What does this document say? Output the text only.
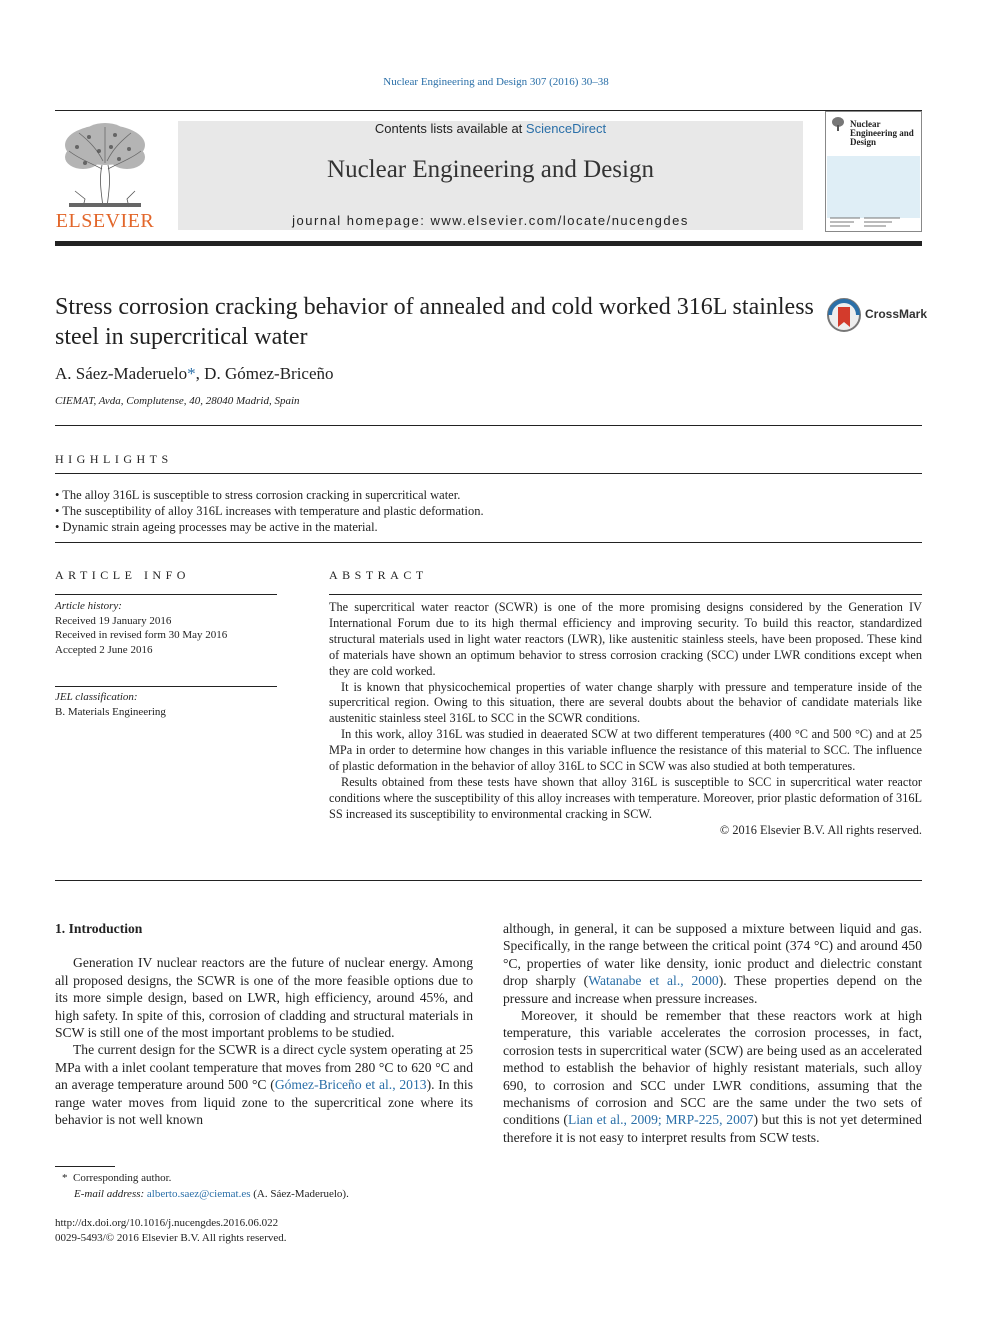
Nuclear Engineering and Design 307 (2016) 30–38
ELSEVIER
Contents lists available at ScienceDirect
Nuclear Engineering and Design
journal homepage: www.elsevier.com/locate/nucengdes
Nuclear Engineering and Design
Stress corrosion cracking behavior of annealed and cold worked 316L stainless steel in supercritical water
CrossMark
A. Sáez-Maderuelo*, D. Gómez-Briceño
CIEMAT, Avda, Complutense, 40, 28040 Madrid, Spain
HIGHLIGHTS
• The alloy 316L is susceptible to stress corrosion cracking in supercritical water.
• The susceptibility of alloy 316L increases with temperature and plastic deformation.
• Dynamic strain ageing processes may be active in the material.
ARTICLE INFO
Article history:
Received 19 January 2016
Received in revised form 30 May 2016
Accepted 2 June 2016
JEL classification:
B. Materials Engineering
ABSTRACT

The supercritical water reactor (SCWR) is one of the more promising designs considered by the Generation IV International Forum due to its high thermal efficiency and improving security. To build this reactor, standardized structural materials used in light water reactors (LWR), like austenitic stainless steels, have been proposed. These kind of materials have shown an optimum behavior to stress corrosion cracking (SCC) under LWR conditions except when they are cold worked.

It is known that physicochemical properties of water change sharply with pressure and temperature inside of the supercritical region. Owing to this situation, there are several doubts about the behavior of candidate materials like austenitic stainless steel 316L to SCC in the SCWR conditions.

In this work, alloy 316L was studied in deaerated SCW at two different temperatures (400 °C and 500 °C) and at 25 MPa in order to determine how changes in this variable influence the resistance of this material to SCC. The influence of plastic deformation in the behavior of alloy 316L to SCC in SCW was also studied at both temperatures.

Results obtained from these tests have shown that alloy 316L is susceptible to SCC in supercritical water reactor conditions where the susceptibility of this alloy increases with temperature. Moreover, prior plastic deformation of 316L SS increased its susceptibility to environmental cracking in SCW.

© 2016 Elsevier B.V. All rights reserved.
1. Introduction

Generation IV nuclear reactors are the future of nuclear energy. Among all proposed designs, the SCWR is one of the more feasible options due to its more simple design, based on LWR, high efficiency, around 45%, and high safety. In spite of this, corrosion of cladding and structural materials in SCW is still one of the most important problems to be studied.

The current design for the SCWR is a direct cycle system operating at 25 MPa with a inlet coolant temperature that moves from 280 °C to 620 °C and an average temperature around 500 °C (Gómez-Briceño et al., 2013). In this range water moves from liquid zone to the supercritical zone where its behavior is not well known

although, in general, it can be supposed a mixture between liquid and gas. Specifically, in the range between the critical point (374 °C) and around 450 °C, properties of water like density, ionic product and dielectric constant drop sharply (Watanabe et al., 2000). These properties depend on the pressure and increase when pressure increases.

Moreover, it should be remember that these reactors work at high temperature, this variable accelerates the corrosion processes, in fact, corrosion tests in supercritical water (SCW) are being used as an accelerated method to establish the behavior of highly resistant materials, such alloy 690, to corrosion and SCC under LWR conditions, assuming that the mechanisms of corrosion and SCC are the same under the two sets of conditions (Lian et al., 2009; MRP-225, 2007) but this is not yet determined therefore it is not easy to interpret results from SCW tests.

* Corresponding author.
E-mail address: alberto.saez@ciemat.es (A. Sáez-Maderuelo).
http://dx.doi.org/10.1016/j.nucengdes.2016.06.022
0029-5493/© 2016 Elsevier B.V. All rights reserved.
